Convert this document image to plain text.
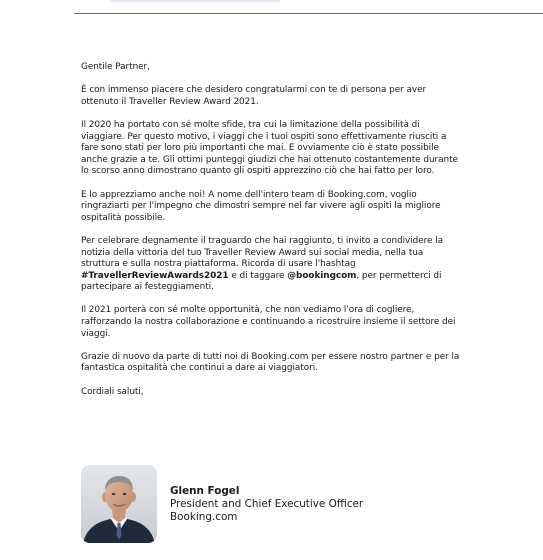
Gentile Partner,

È con immenso piacere che desidero congratularmi con te di persona per aver ottenuto il Traveller Review Award 2021.

Il 2020 ha portato con sé molte sfide, tra cui la limitazione della possibilità di viaggiare. Per questo motivo, i viaggi che i tuoi ospiti sono effettivamente riusciti a fare sono stati per loro più importanti che mai. E ovviamente ciò è stato possibile anche grazie a te. Gli ottimi punteggi giudizi che hai ottenuto costantemente durante lo scorso anno dimostrano quanto gli ospiti apprezzino ciò che hai fatto per loro.

E lo apprezziamo anche noi! A nome dell'intero team di Booking.com, voglio ringraziarti per l'impegno che dimostri sempre nel far vivere agli ospiti la migliore ospitalità possibile.

Per celebrare degnamente il traguardo che hai raggiunto, ti invito a condividere la notizia della vittoria del tuo Traveller Review Award sui social media, nella tua struttura e sulla nostra piattaforma. Ricorda di usare l'hashtag #TravellerReviewAwards2021 e di taggare @bookingcom, per permetterci di partecipare ai festeggiamenti.

Il 2021 porterà con sé molte opportunità, che non vediamo l'ora di cogliere, rafforzando la nostra collaborazione e continuando a ricostruire insieme il settore dei viaggi.

Grazie di nuovo da parte di tutti noi di Booking.com per essere nostro partner e per la fantastica ospitalità che continui a dare ai viaggiatori.

Cordiali saluti,

Glenn Fogel
President and Chief Executive Officer
Booking.com
